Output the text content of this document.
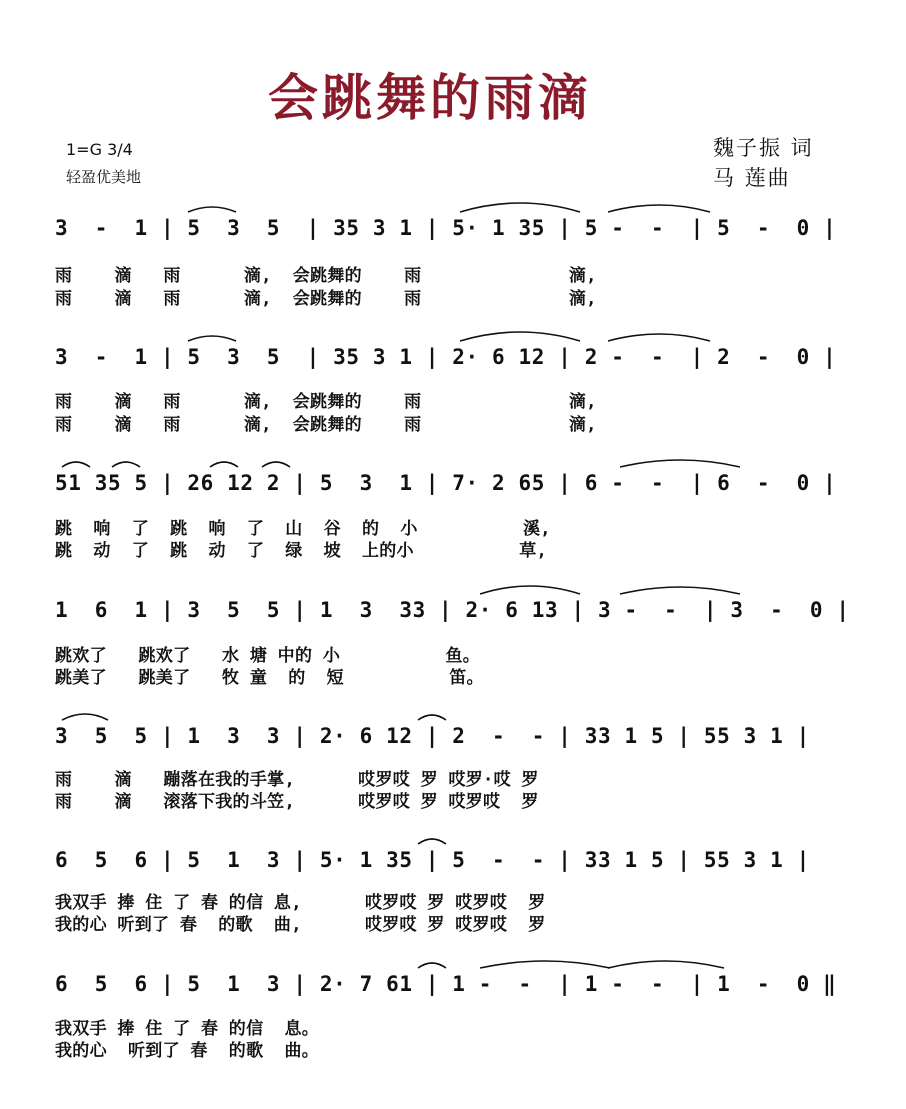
会跳舞的雨滴
1=G 3/4
轻盈优美地
魏子振 词
马 莲曲
3  -  1 | 5  3  5  | 35 3 1 | 5· 1 35 | 5 -  -  | 5  -  0 |
雨    滴   雨      滴,  会跳舞的    雨              滴,
雨    滴   雨      滴,  会跳舞的    雨              滴,
3  -  1 | 5  3  5  | 35 3 1 | 2· 6 12 | 2 -  -  | 2  -  0 |
雨    滴   雨      滴,  会跳舞的    雨              滴,
雨    滴   雨      滴,  会跳舞的    雨              滴,
51 35 5 | 26 12 2 | 5  3  1 | 7· 2 65 | 6 -  -  | 6  -  0 |
跳  响  了  跳  响  了  山  谷  的  小          溪,
跳  动  了  跳  动  了  绿  坡  上的小          草,
1  6  1 | 3  5  5 | 1  3  33 | 2· 6 13 | 3 -  -  | 3  -  0 |
跳欢了   跳欢了   水 塘 中的 小          鱼。
跳美了   跳美了   牧 童  的  短          笛。
3  5  5 | 1  3  3 | 2· 6 12 | 2  -  - | 33 1 5 | 55 3 1 |
雨    滴   蹦落在我的手掌,      哎罗哎 罗 哎罗·哎 罗
雨    滴   滚落下我的斗笠,      哎罗哎 罗 哎罗哎  罗
6  5  6 | 5  1  3 | 5· 1 35 | 5  -  - | 33 1 5 | 55 3 1 |
我双手 捧 住 了 春 的信 息,      哎罗哎 罗 哎罗哎  罗
我的心 听到了 春  的歌  曲,      哎罗哎 罗 哎罗哎  罗
6  5  6 | 5  1  3 | 2· 7 61 | 1 -  -  | 1 -  -  | 1  -  0 ‖
我双手 捧 住 了 春 的信  息。
我的心  听到了 春  的歌  曲。
